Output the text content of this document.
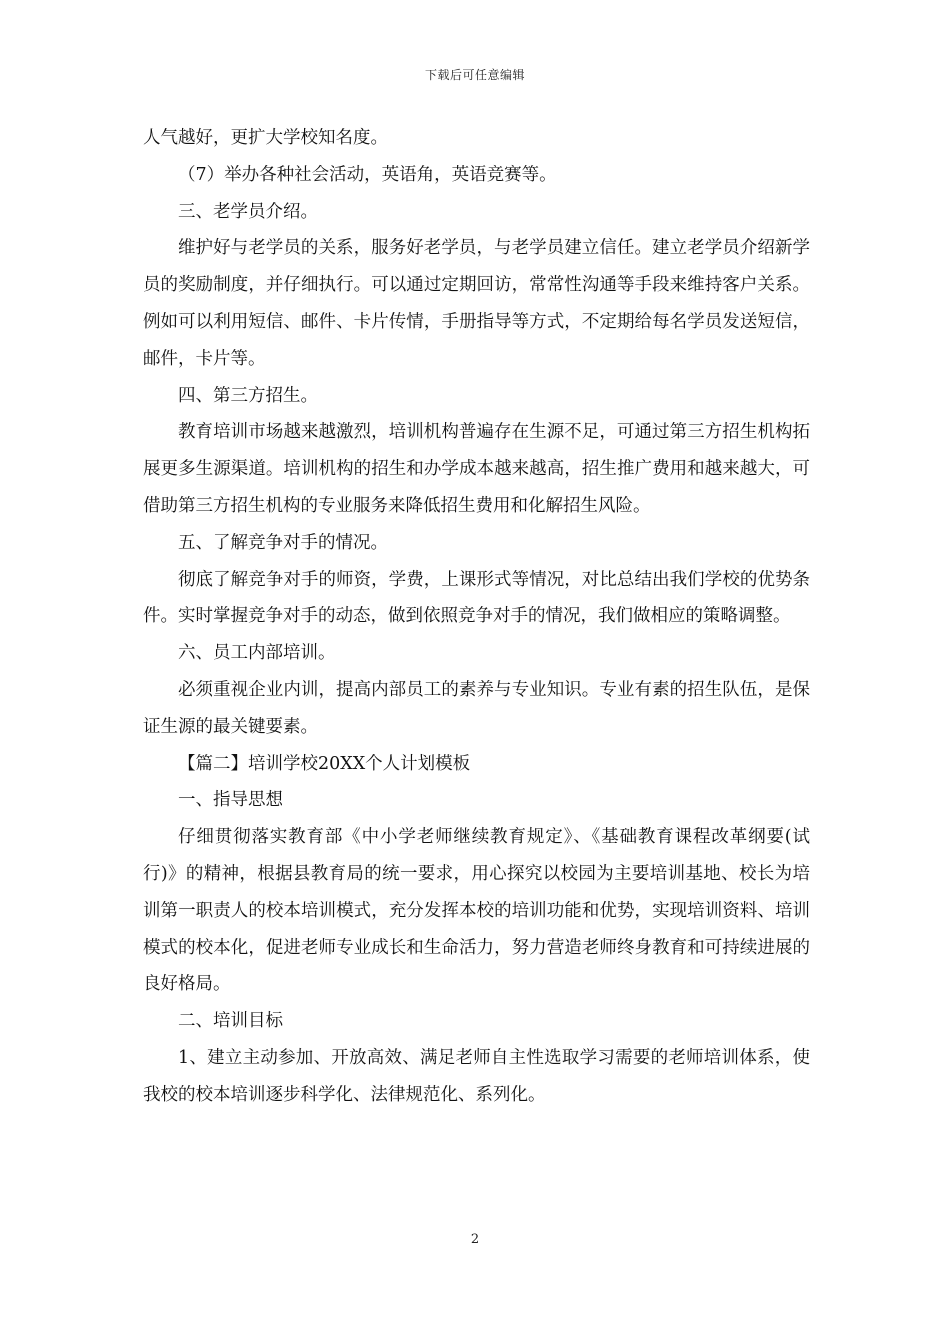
下载后可任意编辑

人气越好，更扩大学校知名度。

（7）举办各种社会活动，英语角，英语竞赛等。

三、老学员介绍。

维护好与老学员的关系，服务好老学员，与老学员建立信任。建立老学员介绍新学员的奖励制度，并仔细执行。可以通过定期回访，常常性沟通等手段来维持客户关系。例如可以利用短信、邮件、卡片传情，手册指导等方式，不定期给每名学员发送短信，邮件，卡片等。

四、第三方招生。

教育培训市场越来越激烈，培训机构普遍存在生源不足，可通过第三方招生机构拓展更多生源渠道。培训机构的招生和办学成本越来越高，招生推广费用和越来越大，可借助第三方招生机构的专业服务来降低招生费用和化解招生风险。

五、了解竞争对手的情况。

彻底了解竞争对手的师资，学费，上课形式等情况，对比总结出我们学校的优势条件。实时掌握竞争对手的动态，做到依照竞争对手的情况，我们做相应的策略调整。

六、员工内部培训。

必须重视企业内训，提高内部员工的素养与专业知识。专业有素的招生队伍，是保证生源的最关键要素。

【篇二】培训学校20XX个人计划模板

一、指导思想

仔细贯彻落实教育部《中小学老师继续教育规定》、《基础教育课程改革纲要(试行)》的精神，根据县教育局的统一要求，用心探究以校园为主要培训基地、校长为培训第一职责人的校本培训模式，充分发挥本校的培训功能和优势，实现培训资料、培训模式的校本化，促进老师专业成长和生命活力，努力营造老师终身教育和可持续进展的良好格局。

二、培训目标

1、建立主动参加、开放高效、满足老师自主性选取学习需要的老师培训体系，使我校的校本培训逐步科学化、法律规范化、系列化。

2
